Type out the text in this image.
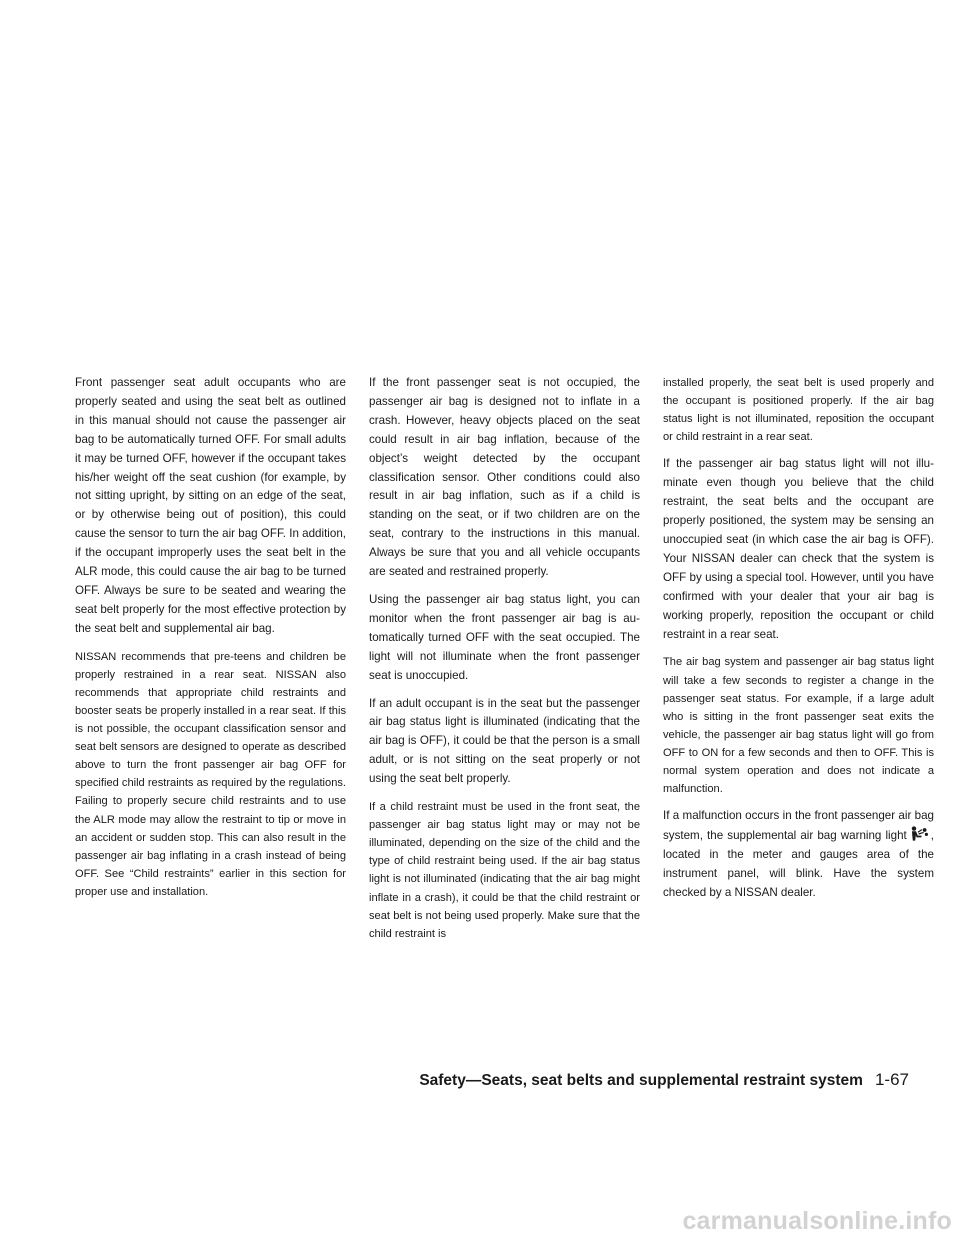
Front passenger seat adult occupants who are properly seated and using the seat belt as outlined in this manual should not cause the passenger air bag to be automatically turned OFF. For small adults it may be turned OFF, however if the occupant takes his/her weight off the seat cushion (for example, by not sitting upright, by sitting on an edge of the seat, or by otherwise being out of position), this could cause the sensor to turn the air bag OFF. In addition, if the occupant improperly uses the seat belt in the ALR mode, this could cause the air bag to be turned OFF. Always be sure to be seated and wearing the seat belt properly for the most effective protection by the seat belt and supplemental air bag.

NISSAN recommends that pre-teens and children be properly restrained in a rear seat. NISSAN also recommends that appropriate child restraints and booster seats be properly installed in a rear seat. If this is not possible, the occupant classification sensor and seat belt sensors are designed to operate as described above to turn the front passenger air bag OFF for specified child restraints as required by the regulations. Failing to properly secure child restraints and to use the ALR mode may allow the restraint to tip or move in an accident or sudden stop. This can also result in the passenger air bag inflating in a crash instead of being OFF. See “Child restraints” earlier in this section for proper use and installation.

If the front passenger seat is not occupied, the passenger air bag is designed not to inflate in a crash. However, heavy objects placed on the seat could result in air bag inflation, because of the object’s weight detected by the occupant classification sensor. Other conditions could also result in air bag inflation, such as if a child is standing on the seat, or if two children are on the seat, contrary to the instructions in this manual. Always be sure that you and all vehicle occupants are seated and restrained properly.

Using the passenger air bag status light, you can monitor when the front passenger air bag is automatically turned OFF with the seat occupied. The light will not illuminate when the front passenger seat is unoccupied.

If an adult occupant is in the seat but the passenger air bag status light is illuminated (indicating that the air bag is OFF), it could be that the person is a small adult, or is not sitting on the seat properly or not using the seat belt properly.

If a child restraint must be used in the front seat, the passenger air bag status light may or may not be illuminated, depending on the size of the child and the type of child restraint being used. If the air bag status light is not illuminated (indicating that the air bag might inflate in a crash), it could be that the child restraint or seat belt is not being used properly. Make sure that the child restraint is

installed properly, the seat belt is used properly and the occupant is positioned properly. If the air bag status light is not illuminated, reposition the occupant or child restraint in a rear seat.

If the passenger air bag status light will not illuminate even though you believe that the child restraint, the seat belts and the occupant are properly positioned, the system may be sensing an unoccupied seat (in which case the air bag is OFF). Your NISSAN dealer can check that the system is OFF by using a special tool. However, until you have confirmed with your dealer that your air bag is working properly, reposition the occupant or child restraint in a rear seat.

The air bag system and passenger air bag status light will take a few seconds to register a change in the passenger seat status. For example, if a large adult who is sitting in the front passenger seat exits the vehicle, the passenger air bag status light will go from OFF to ON for a few seconds and then to OFF. This is normal system operation and does not indicate a malfunction.

If a malfunction occurs in the front passenger air bag system, the supplemental air bag warning light , located in the meter and gauges area of the instrument panel, will blink. Have the system checked by a NISSAN dealer.

Safety—Seats, seat belts and supplemental restraint system 1-67
carmanualsonline.info
